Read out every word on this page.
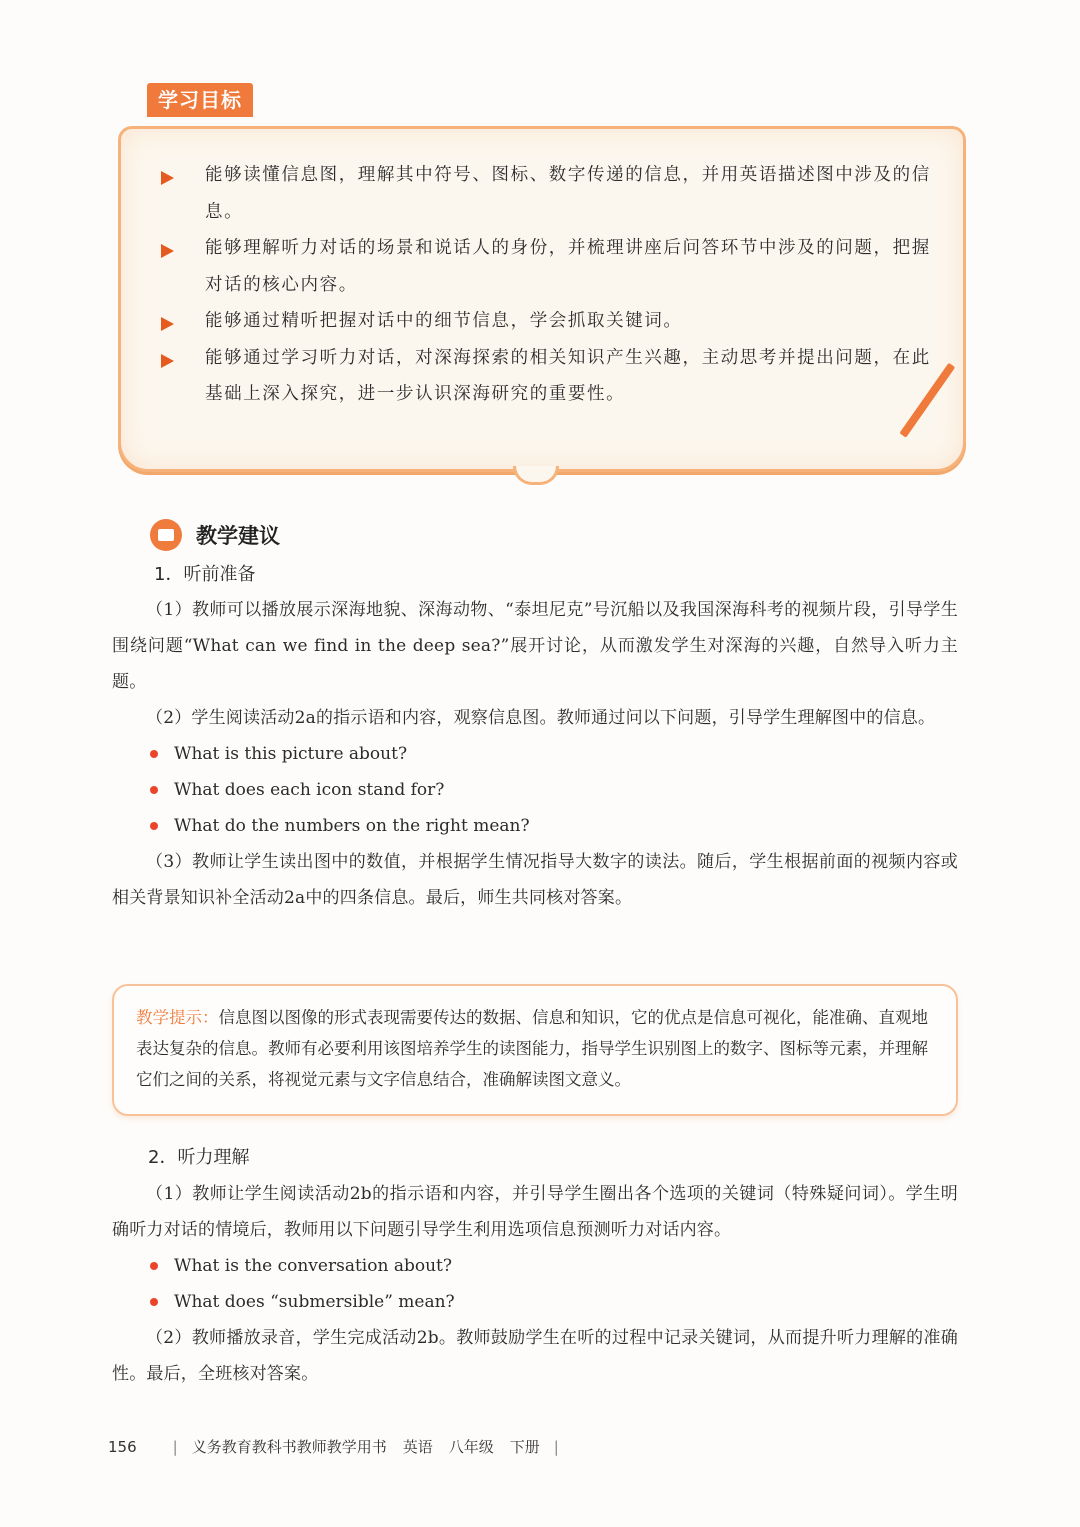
学习目标
能够读懂信息图，理解其中符号、图标、数字传递的信息，并用英语描述图中涉及的信息。
能够理解听力对话的场景和说话人的身份，并梳理讲座后问答环节中涉及的问题，把握对话的核心内容。
能够通过精听把握对话中的细节信息，学会抓取关键词。
能够通过学习听力对话，对深海探索的相关知识产生兴趣，主动思考并提出问题，在此基础上深入探究，进一步认识深海研究的重要性。
教学建议

1．听前准备

（1）教师可以播放展示深海地貌、深海动物、“泰坦尼克”号沉船以及我国深海科考的视频片段，引导学生围绕问题“What can we find in the deep sea?”展开讨论，从而激发学生对深海的兴趣，自然导入听力主题。

（2）学生阅读活动2a的指示语和内容，观察信息图。教师通过问以下问题，引导学生理解图中的信息。

What is this picture about?
What does each icon stand for?
What do the numbers on the right mean?

（3）教师让学生读出图中的数值，并根据学生情况指导大数字的读法。随后，学生根据前面的视频内容或相关背景知识补全活动2a中的四条信息。最后，师生共同核对答案。

教学提示：信息图以图像的形式表现需要传达的数据、信息和知识，它的优点是信息可视化，能准确、直观地表达复杂的信息。教师有必要利用该图培养学生的读图能力，指导学生识别图上的数字、图标等元素，并理解它们之间的关系，将视觉元素与文字信息结合，准确解读图文意义。

2．听力理解

（1）教师让学生阅读活动2b的指示语和内容，并引导学生圈出各个选项的关键词（特殊疑问词）。学生明确听力对话的情境后，教师用以下问题引导学生利用选项信息预测听力对话内容。

What is the conversation about?
What does “submersible” mean?

（2）教师播放录音，学生完成活动2b。教师鼓励学生在听的过程中记录关键词，从而提升听力理解的准确性。最后，全班核对答案。

156 | 义务教育教科书教师教学用书 英语 八年级 下册 |
